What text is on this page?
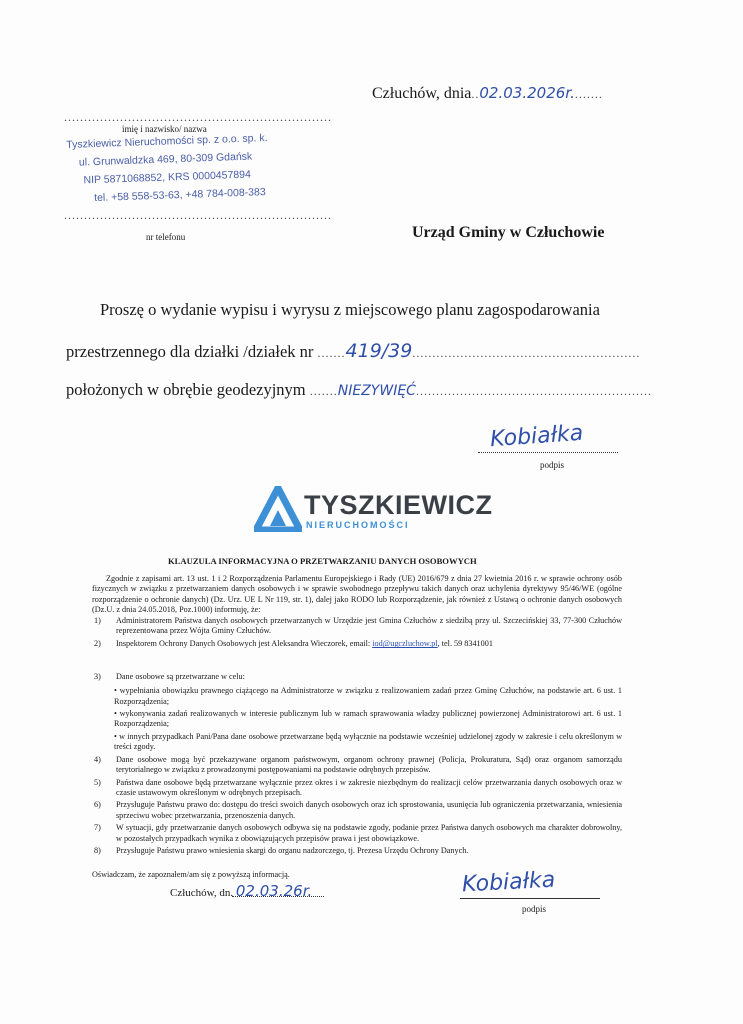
Człuchów, dnia..02.03.2026r........
...................................................................
imię i nazwisko/ nazwa
Tyszkiewicz Nieruchomości sp. z o.o. sp. k.
ul. Grunwaldzka 469, 80-309 Gdańsk
NIP 5871068852, KRS 0000457894
tel. +58 558-53-63, +48 784-008-383
...................................................................
nr telefonu	Urząd Gminy w Człuchowie
Proszę o wydanie wypisu i wyrysu z miejscowego planu zagospodarowania
przestrzennego dla działki /działek nr .......419/39.........................................................
położonych w obrębie geodezyjnym .......NIEZYWIĘĆ...........................................................
Kobiałka
podpis
TYSZKIEWICZ
NIERUCHOMOŚCI
KLAUZULA INFORMACYJNA O PRZETWARZANIU DANYCH OSOBOWYCH

Zgodnie z zapisami art. 13 ust. 1 i 2 Rozporządzenia Parlamentu Europejskiego i Rady (UE) 2016/679 z dnia 27 kwietnia 2016 r. w sprawie ochrony osób fizycznych w związku z przetwarzaniem danych osobowych i w sprawie swobodnego przepływu takich danych oraz uchylenia dyrektywy 95/46/WE (ogólne rozporządzenie o ochronie danych) (Dz. Urz. UE L Nr 119, str. 1), dalej jako RODO lub Rozporządzenie, jak również z Ustawą o ochronie danych osobowych (Dz.U. z dnia 24.05.2018, Poz.1000) informuję, że:

1) Administratorem Państwa danych osobowych przetwarzanych w Urzędzie jest Gmina Człuchów z siedzibą przy ul. Szczecińskiej 33, 77-300 Człuchów reprezentowana przez Wójta Gminy Człuchów.
2) Inspektorem Ochrony Danych Osobowych jest Aleksandra Wieczorek, email: iod@ugczluchow.pl, tel. 59 8341001
3) Dane osobowe są przetwarzane w celu:
• wypełniania obowiązku prawnego ciążącego na Administratorze w związku z realizowaniem zadań przez Gminę Człuchów, na podstawie art. 6 ust. 1 Rozporządzenia;
• wykonywania zadań realizowanych w interesie publicznym lub w ramach sprawowania władzy publicznej powierzonej Administratorowi art. 6 ust. 1 Rozporządzenia;
• w innych przypadkach Pani/Pana dane osobowe przetwarzane będą wyłącznie na podstawie wcześniej udzielonej zgody w zakresie i celu określonym w treści zgody.
4) Dane osobowe mogą być przekazywane organom państwowym, organom ochrony prawnej (Policja, Prokuratura, Sąd) oraz organom samorządu terytorialnego w związku z prowadzonymi postępowaniami na podstawie odrębnych przepisów.
5) Państwa dane osobowe będą przetwarzane wyłącznie przez okres i w zakresie niezbędnym do realizacji celów przetwarzania danych osobowych oraz w czasie ustawowym określonym w odrębnych przepisach.
6) Przysługuje Państwu prawo do: dostępu do treści swoich danych osobowych oraz ich sprostowania, usunięcia lub ograniczenia przetwarzania, wniesienia sprzeciwu wobec przetwarzania, przenoszenia danych.
7) W sytuacji, gdy przetwarzanie danych osobowych odbywa się na podstawie zgody, podanie przez Państwa danych osobowych ma charakter dobrowolny, w pozostałych przypadkach wynika z obowiązujących przepisów prawa i jest obowiązkowe.
8) Przysługuje Państwu prawo wniesienia skargi do organu nadzorczego, tj. Prezesa Urzędu Ochrony Danych.

Oświadczam, że zapoznałem/am się z powyższą informacją.

Człuchów, dn. 02.03.26r.	Kobiałka
podpis
